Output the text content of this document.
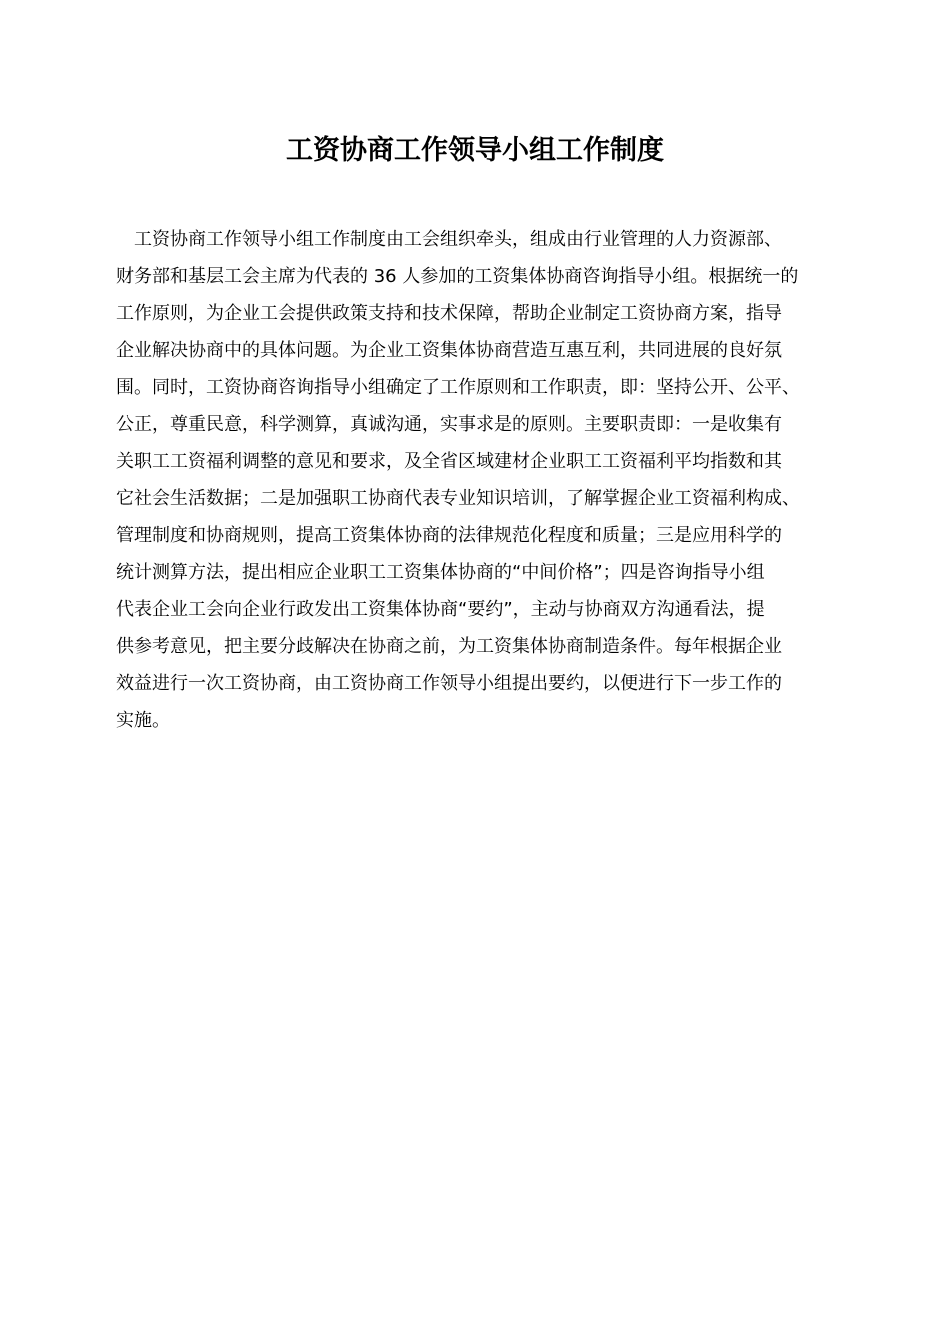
工资协商工作领导小组工作制度
工资协商工作领导小组工作制度由工会组织牵头，组成由行业管理的人力资源部、
财务部和基层工会主席为代表的 36 人参加的工资集体协商咨询指导小组。根据统一的
工作原则，为企业工会提供政策支持和技术保障，帮助企业制定工资协商方案，指导
企业解决协商中的具体问题。为企业工资集体协商营造互惠互利，共同进展的良好氛
围。同时，工资协商咨询指导小组确定了工作原则和工作职责，即：坚持公开、公平、
公正，尊重民意，科学测算，真诚沟通，实事求是的原则。主要职责即：一是收集有
关职工工资福利调整的意见和要求，及全省区域建材企业职工工资福利平均指数和其
它社会生活数据；二是加强职工协商代表专业知识培训，了解掌握企业工资福利构成、
管理制度和协商规则，提高工资集体协商的法律规范化程度和质量；三是应用科学的
统计测算方法，提出相应企业职工工资集体协商的“中间价格”；四是咨询指导小组
代表企业工会向企业行政发出工资集体协商“要约”，主动与协商双方沟通看法，提
供参考意见，把主要分歧解决在协商之前，为工资集体协商制造条件。每年根据企业
效益进行一次工资协商，由工资协商工作领导小组提出要约，以便进行下一步工作的
实施。
